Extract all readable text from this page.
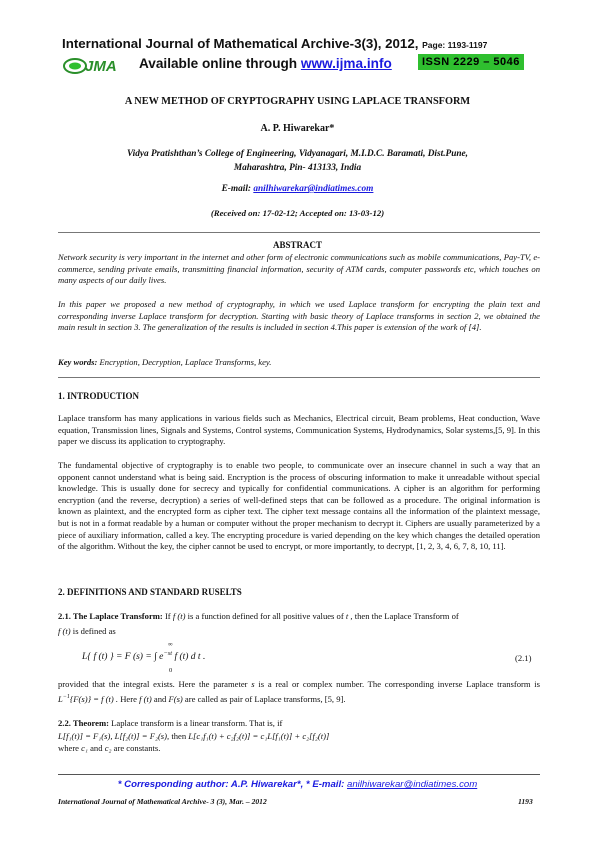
International Journal of Mathematical Archive-3(3), 2012, Page: 1193-1197
JMA Available online through www.ijma.info	ISSN 2229 – 5046
A NEW METHOD OF CRYPTOGRAPHY USING LAPLACE TRANSFORM
A. P. Hiwarekar*
Vidya Pratishthan’s College of Engineering, Vidyanagari, M.I.D.C. Baramati, Dist.Pune,
Maharashtra, Pin- 413133, India
E-mail: anilhiwarekar@indiatimes.com
(Received on: 17-02-12; Accepted on: 13-03-12)
ABSTRACT
Network security is very important in the internet and other form of electronic communications such as mobile communications, Pay-TV, e- commerce, sending private emails, transmitting financial information, security of ATM cards, computer passwords etc, which touches on many aspects of our daily lives.
In this paper we proposed a new method of cryptography, in which we used Laplace transform for encrypting the plain text and corresponding inverse Laplace transform for decryption. Starting with basic theory of Laplace transforms in section 2, we obtained the main result in section 3. The generalization of the results is included in section 4.This paper is extension of the work of [4].
Key words: Encryption, Decryption, Laplace Transforms, key.
1. INTRODUCTION
Laplace transform has many applications in various fields such as Mechanics, Electrical circuit, Beam problems, Heat conduction, Wave equation, Transmission lines, Signals and Systems, Control systems, Communication Systems, Hydrodynamics, Solar systems,[5, 9]. In this paper we discuss its application to cryptography.
The fundamental objective of cryptography is to enable two people, to communicate over an insecure channel in such a way that an opponent cannot understand what is being said. Encryption is the process of obscuring information to make it unreadable without special knowledge. This is usually done for secrecy and typically for confidential communications. A cipher is an algorithm for performing encryption (and the reverse, decryption) a series of well-defined steps that can be followed as a procedure. The original information is known as plaintext, and the encrypted form as cipher text. The cipher text message contains all the information of the plaintext message, but is not in a format readable by a human or computer without the proper mechanism to decrypt it. Ciphers are usually parameterized by a piece of auxiliary information, called a key. The encrypting procedure is varied depending on the key which changes the detailed operation of the algorithm. Without the key, the cipher cannot be used to encrypt, or more importantly, to decrypt, [1, 2, 3, 4, 6, 7, 8, 10, 11].
2. DEFINITIONS AND STANDARD RUSELTS
2.1. The Laplace Transform: If f (t) is a function defined for all positive values of t , then the Laplace Transform of
f (t) is defined as
∞
0
L{ f (t) } = F (s) = ∫ $e^{-st}$ f (t) d t .	(2.1)
provided that the integral exists. Here the parameter s is a real or complex number. The corresponding inverse Laplace transform is $L^{-1}\{F(s)\} = f$ (t) . Here f (t) and F(s) are called as pair of Laplace transforms, [5, 9].
2.2. Theorem: Laplace transform is a linear transform. That is, if
L[f₁(t)] = F₁(s), L[f₂(t)] = F₂(s), then L[c₁f₁(t) + c₂f₂(t)] = c₁L[f₁(t)] + c₂[f₂(t)]
where c₁ and c₂ are constants.
* Corresponding author: A.P. Hiwarekar*, * E-mail: anilhiwarekar@indiatimes.com
International Journal of Mathematical Archive- 3 (3), Mar. – 2012	1193
